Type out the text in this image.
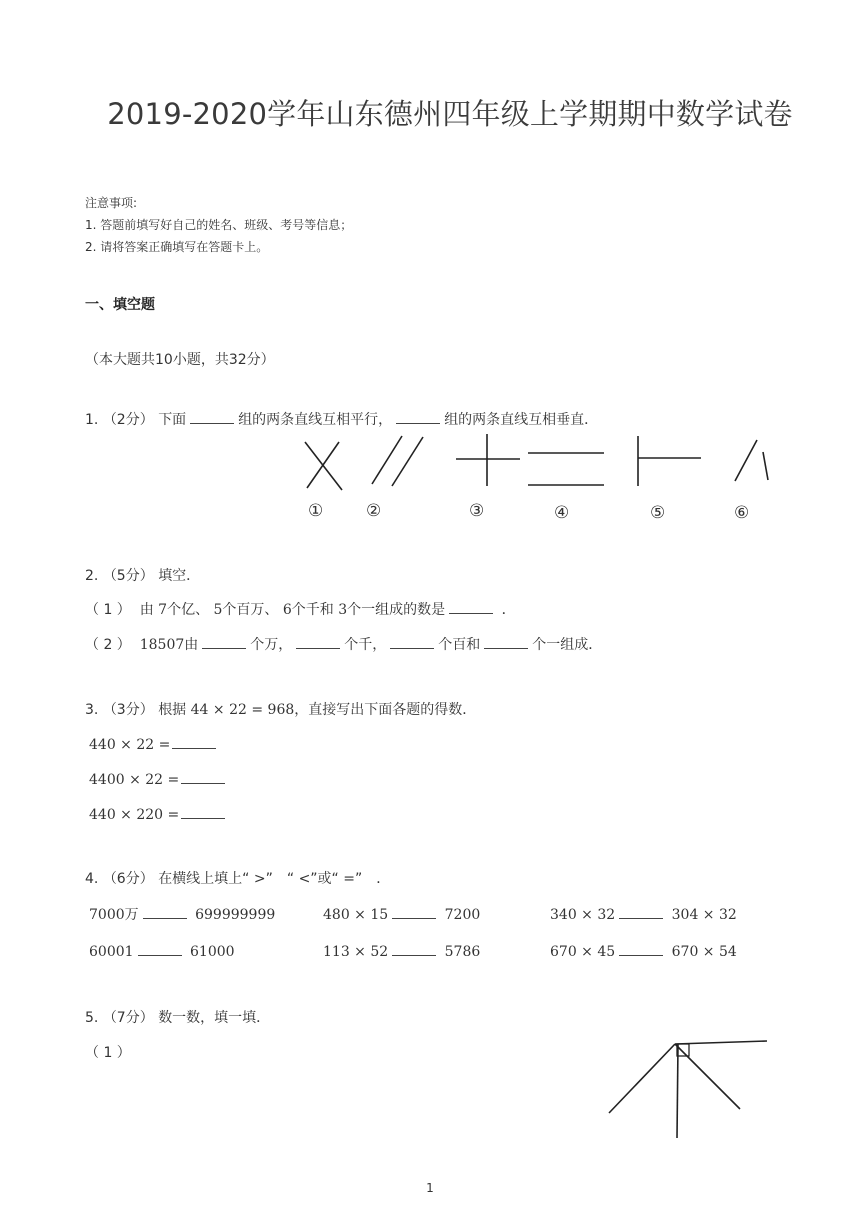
2019-2020学年山东德州四年级上学期期中数学试卷
注意事项:
1. 答题前填写好自己的姓名、班级、考号等信息；
2. 请将答案正确填写在答题卡上。
一、填空题
（本大题共10小题，共32分）
1. （2分） 下面	组的两条直线互相平行，	组的两条直线互相垂直．
①	②	③	④	⑤	⑥
2. （5分） 填空．
（ 1 ） 由 7个亿、 5个百万、 6个千和 3个一组成的数是	．
（ 2 ） 18507由	个万，	个千，	个百和	个一组成．
3. （3分） 根据 44 × 22 = 968，直接写出下面各题的得数．
440 × 22 =
4400 × 22 =
440 × 220 =
4. （6分） 在横线上填上“ >”　“ <”或“ =”　．
7000万	699999999	480 × 15	7200	340 × 32	304 × 32
60001	61000	113 × 52	5786	670 × 45	670 × 54
5. （7分） 数一数，填一填．
（ 1 ）
1
